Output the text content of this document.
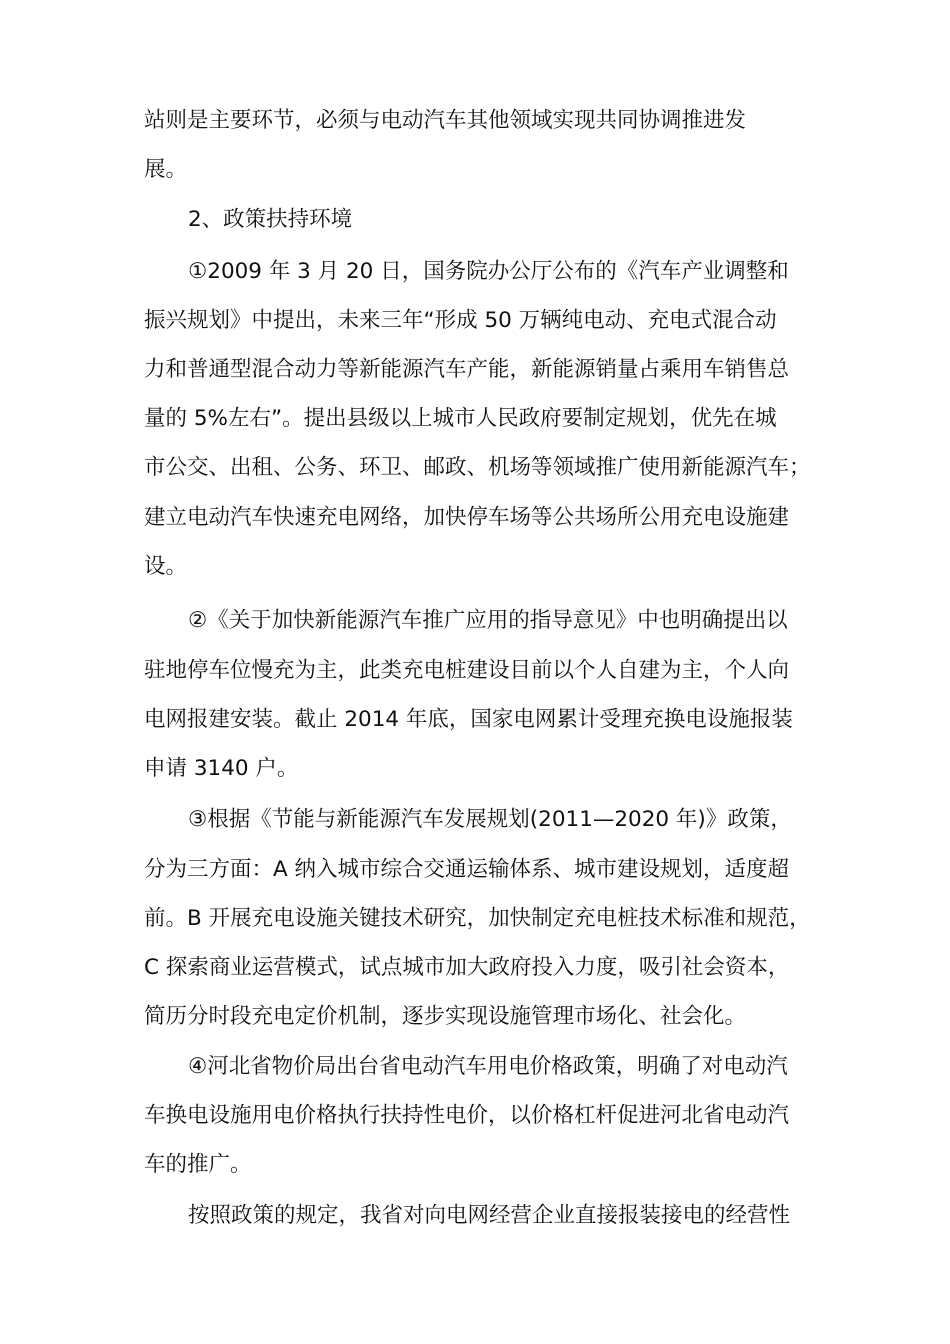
站则是主要环节，必须与电动汽车其他领域实现共同协调推进发
展。
2、政策扶持环境
①2009 年 3 月 20 日，国务院办公厅公布的《汽车产业调整和
振兴规划》中提出，未来三年“形成 50 万辆纯电动、充电式混合动
力和普通型混合动力等新能源汽车产能，新能源销量占乘用车销售总
量的 5%左右”。提出县级以上城市人民政府要制定规划，优先在城
市公交、出租、公务、环卫、邮政、机场等领域推广使用新能源汽车；
建立电动汽车快速充电网络，加快停车场等公共场所公用充电设施建
设。
②《关于加快新能源汽车推广应用的指导意见》中也明确提出以
驻地停车位慢充为主，此类充电桩建设目前以个人自建为主，个人向
电网报建安装。截止 2014 年底，国家电网累计受理充换电设施报装
申请 3140 户。
③根据《节能与新能源汽车发展规划(2011—2020 年)》政策，
分为三方面：A 纳入城市综合交通运输体系、城市建设规划，适度超
前。B 开展充电设施关键技术研究，加快制定充电桩技术标准和规范，
C 探索商业运营模式，试点城市加大政府投入力度，吸引社会资本，
简历分时段充电定价机制，逐步实现设施管理市场化、社会化。
④河北省物价局出台省电动汽车用电价格政策，明确了对电动汽
车换电设施用电价格执行扶持性电价，以价格杠杆促进河北省电动汽
车的推广。
按照政策的规定，我省对向电网经营企业直接报装接电的经营性
